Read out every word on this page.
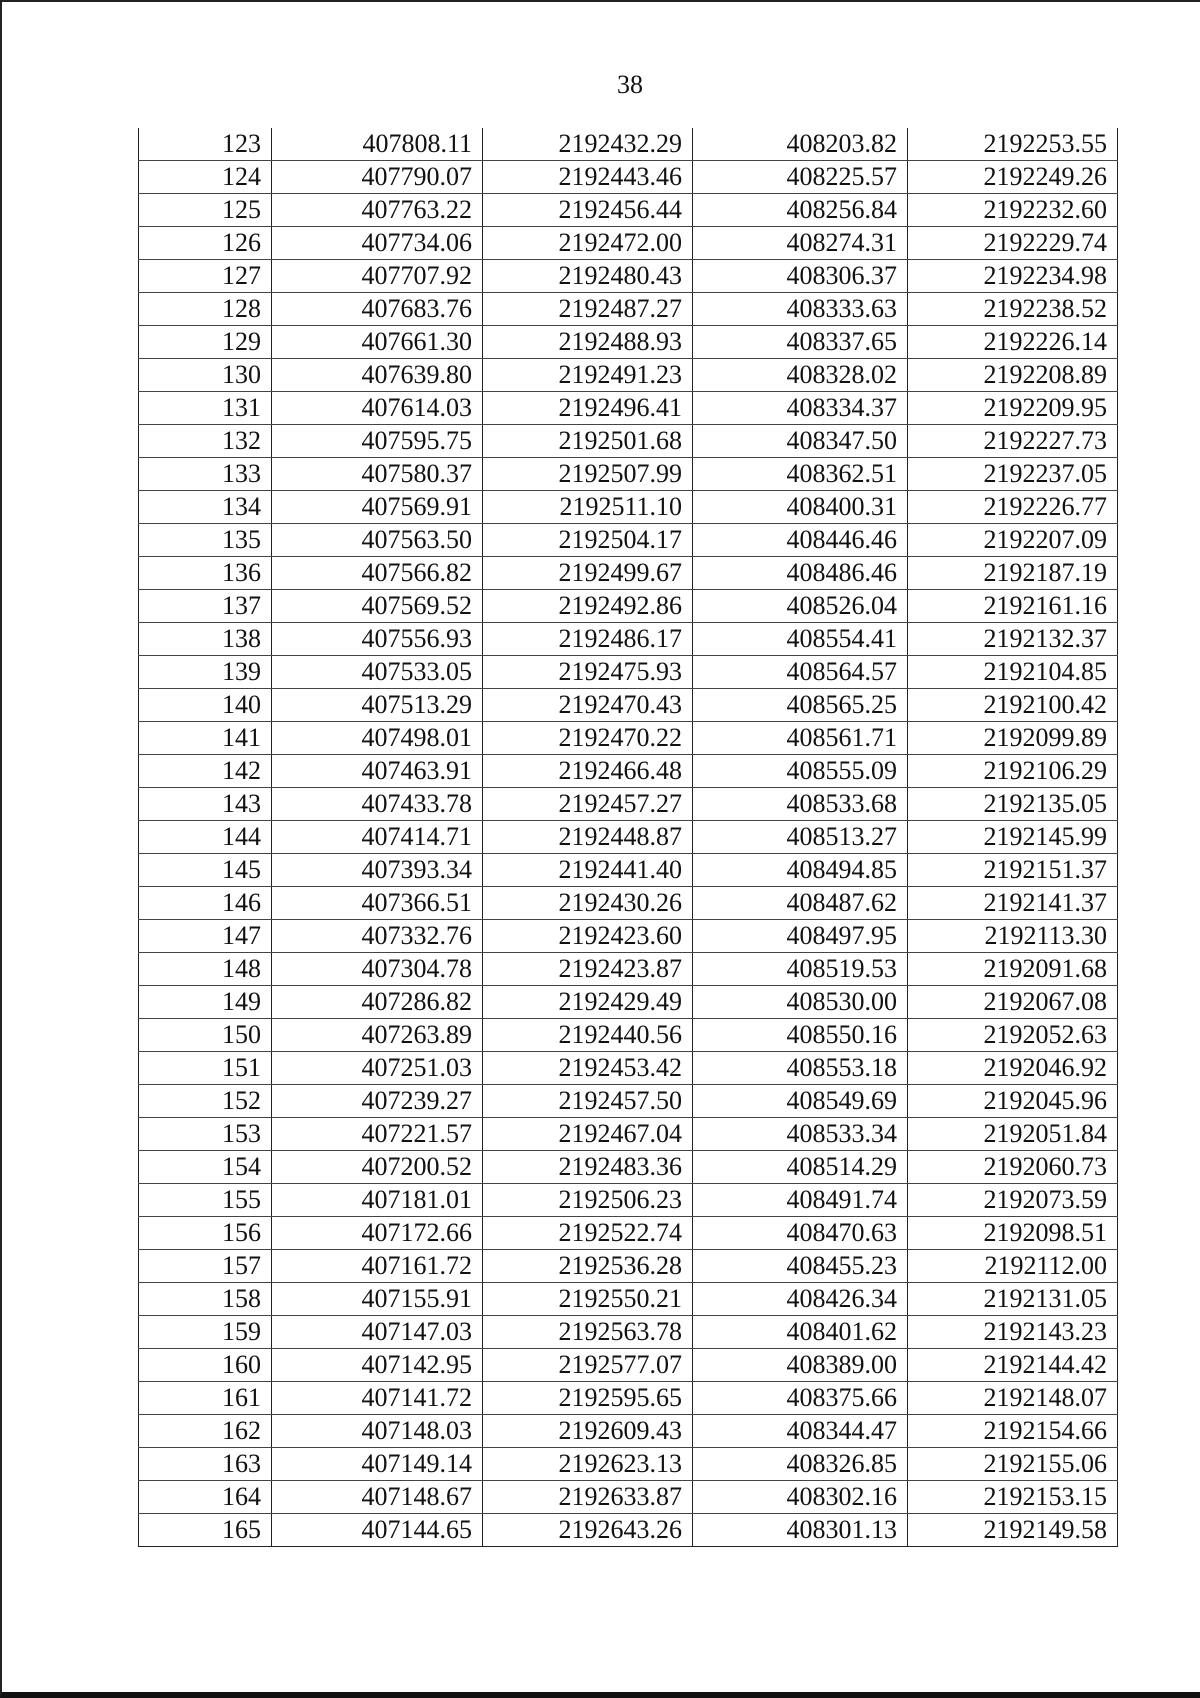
38
123	407808.11	2192432.29	408203.82	2192253.55
124	407790.07	2192443.46	408225.57	2192249.26
125	407763.22	2192456.44	408256.84	2192232.60
126	407734.06	2192472.00	408274.31	2192229.74
127	407707.92	2192480.43	408306.37	2192234.98
128	407683.76	2192487.27	408333.63	2192238.52
129	407661.30	2192488.93	408337.65	2192226.14
130	407639.80	2192491.23	408328.02	2192208.89
131	407614.03	2192496.41	408334.37	2192209.95
132	407595.75	2192501.68	408347.50	2192227.73
133	407580.37	2192507.99	408362.51	2192237.05
134	407569.91	2192511.10	408400.31	2192226.77
135	407563.50	2192504.17	408446.46	2192207.09
136	407566.82	2192499.67	408486.46	2192187.19
137	407569.52	2192492.86	408526.04	2192161.16
138	407556.93	2192486.17	408554.41	2192132.37
139	407533.05	2192475.93	408564.57	2192104.85
140	407513.29	2192470.43	408565.25	2192100.42
141	407498.01	2192470.22	408561.71	2192099.89
142	407463.91	2192466.48	408555.09	2192106.29
143	407433.78	2192457.27	408533.68	2192135.05
144	407414.71	2192448.87	408513.27	2192145.99
145	407393.34	2192441.40	408494.85	2192151.37
146	407366.51	2192430.26	408487.62	2192141.37
147	407332.76	2192423.60	408497.95	2192113.30
148	407304.78	2192423.87	408519.53	2192091.68
149	407286.82	2192429.49	408530.00	2192067.08
150	407263.89	2192440.56	408550.16	2192052.63
151	407251.03	2192453.42	408553.18	2192046.92
152	407239.27	2192457.50	408549.69	2192045.96
153	407221.57	2192467.04	408533.34	2192051.84
154	407200.52	2192483.36	408514.29	2192060.73
155	407181.01	2192506.23	408491.74	2192073.59
156	407172.66	2192522.74	408470.63	2192098.51
157	407161.72	2192536.28	408455.23	2192112.00
158	407155.91	2192550.21	408426.34	2192131.05
159	407147.03	2192563.78	408401.62	2192143.23
160	407142.95	2192577.07	408389.00	2192144.42
161	407141.72	2192595.65	408375.66	2192148.07
162	407148.03	2192609.43	408344.47	2192154.66
163	407149.14	2192623.13	408326.85	2192155.06
164	407148.67	2192633.87	408302.16	2192153.15
165	407144.65	2192643.26	408301.13	2192149.58
